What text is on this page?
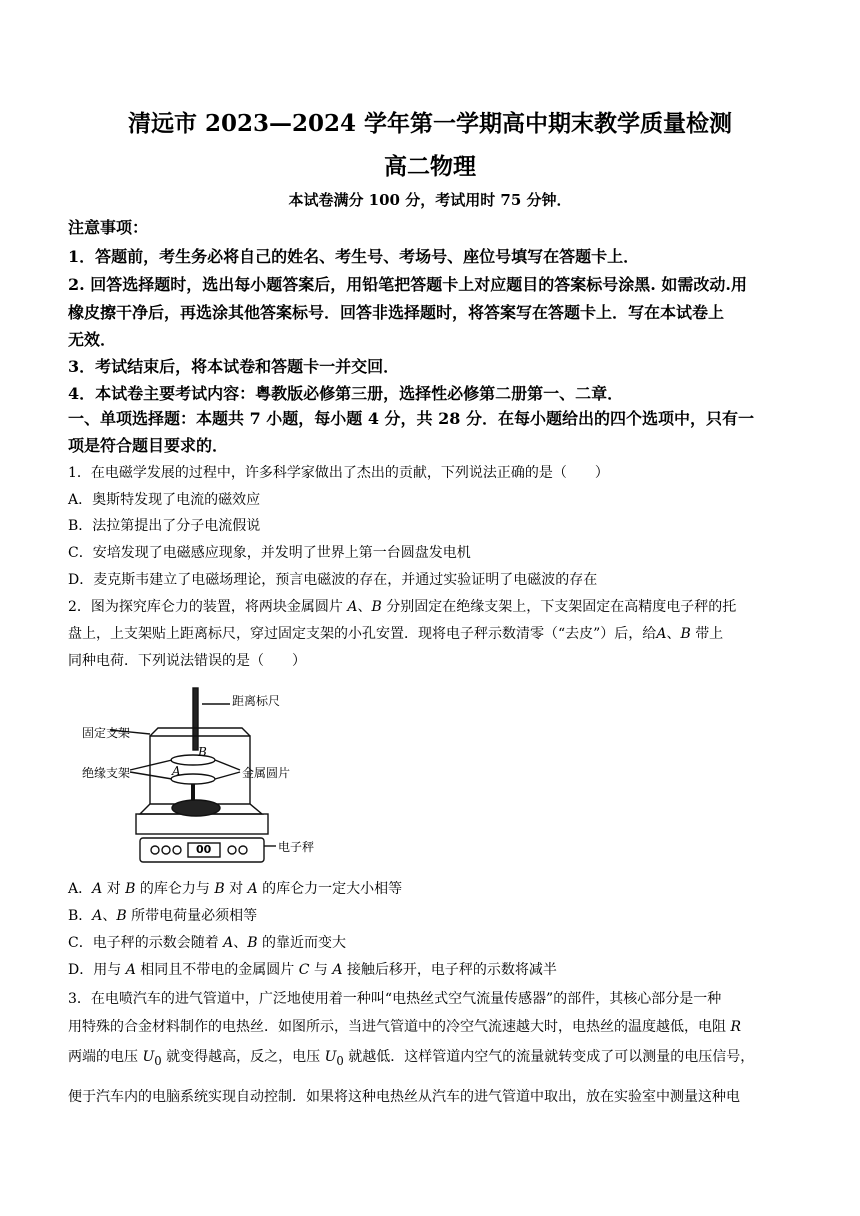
清远市 2023—2024 学年第一学期高中期末教学质量检测
高二物理
本试卷满分 100 分，考试用时 75 分钟．
注意事项：
1．答题前，考生务必将自己的姓名、考生号、考场号、座位号填写在答题卡上．
2. 回答选择题时，选出每小题答案后，用铅笔把答题卡上对应题目的答案标号涂黑. 如需改动.用
橡皮擦干净后，再选涂其他答案标号．回答非选择题时，将答案写在答题卡上．写在本试卷上
无效．
3．考试结束后，将本试卷和答题卡一并交回．
4．本试卷主要考试内容：粤教版必修第三册，选择性必修第二册第一、二章．
一、单项选择题：本题共 7 小题，每小题 4 分，共 28 分．在每小题给出的四个选项中，只有一
项是符合题目要求的．
1．在电磁学发展的过程中，许多科学家做出了杰出的贡献，下列说法正确的是（　　）
A．奥斯特发现了电流的磁效应
B．法拉第提出了分子电流假说
C．安培发现了电磁感应现象，并发明了世界上第一台圆盘发电机
D．麦克斯韦建立了电磁场理论，预言电磁波的存在，并通过实验证明了电磁波的存在
2．图为探究库仑力的装置，将两块金属圆片 A、B 分别固定在绝缘支架上，下支架固定在高精度电子秤的托
盘上，上支架贴上距离标尺，穿过固定支架的小孔安置．现将电子秤示数清零（“去皮”）后，给A、B 带上
同种电荷．下列说法错误的是（　　）
距离标尺
固定支架
绝缘支架	金属圆片
电子秤
B
A
00
A．A 对 B 的库仑力与 B 对 A 的库仑力一定大小相等
B．A、B 所带电荷量必须相等
C．电子秤的示数会随着 A、B 的靠近而变大
D．用与 A 相同且不带电的金属圆片 C 与 A 接触后移开，电子秤的示数将减半
3．在电喷汽车的进气管道中，广泛地使用着一种叫“电热丝式空气流量传感器”的部件，其核心部分是一种
用特殊的合金材料制作的电热丝．如图所示，当进气管道中的冷空气流速越大时，电热丝的温度越低，电阻 R
两端的电压 $U_0$ 就变得越高，反之，电压 $U_0$ 就越低．这样管道内空气的流量就转变成了可以测量的电压信号，
便于汽车内的电脑系统实现自动控制．如果将这种电热丝从汽车的进气管道中取出，放在实验室中测量这种电
